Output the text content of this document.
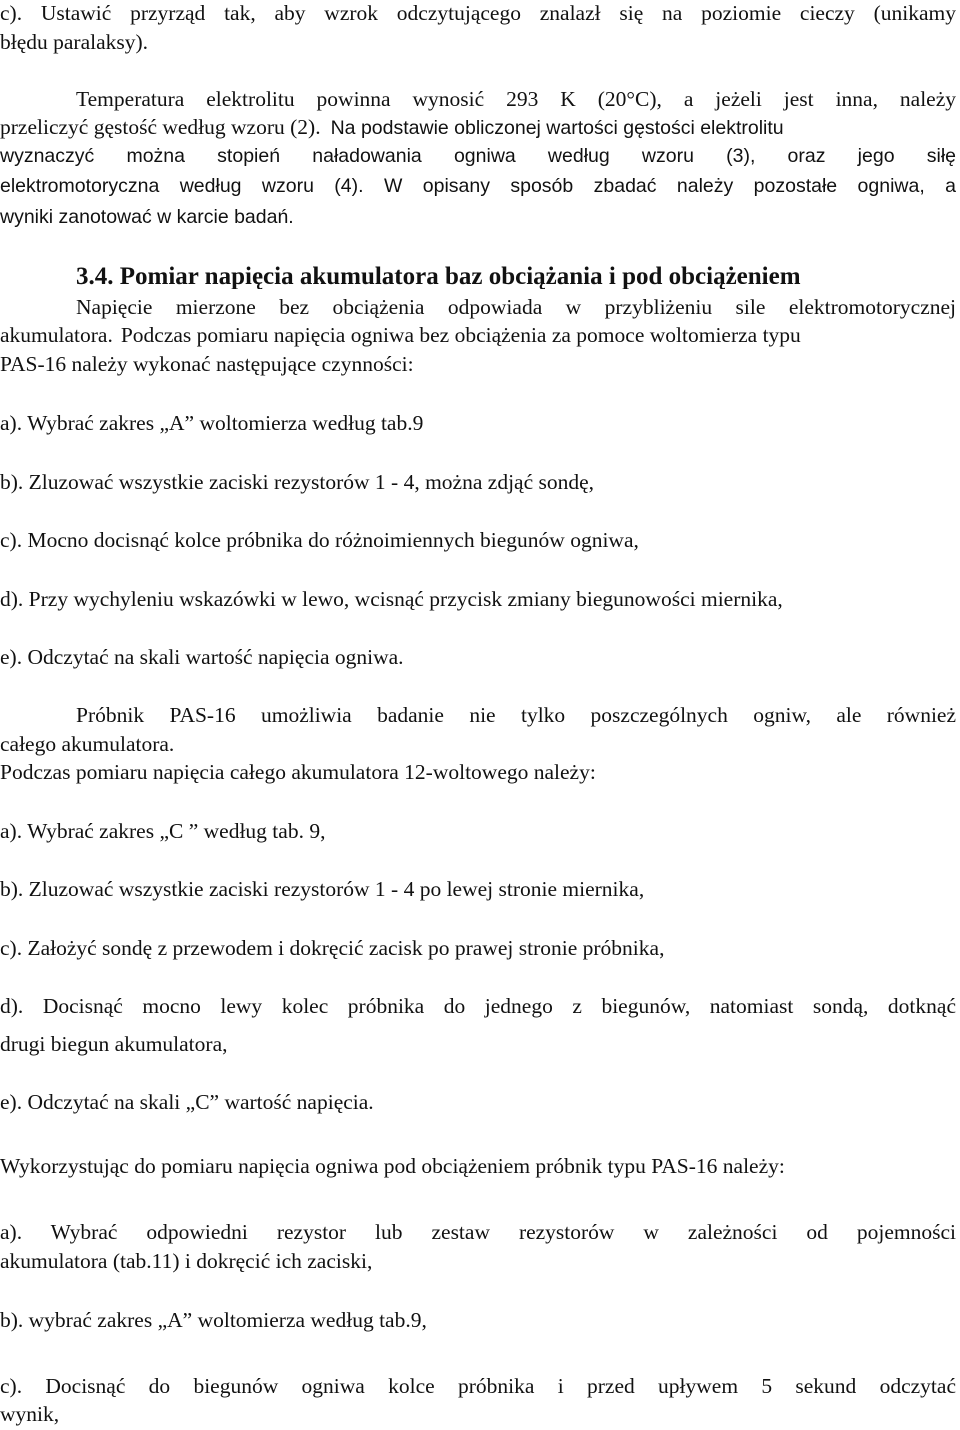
c). Ustawić przyrząd tak, aby wzrok odczytującego znalazł się na poziomie cieczy (unikamy

błędu paralaksy).

Temperatura elektrolitu powinna wynosić 293 K (20°C), a jeżeli jest inna, należy

przeliczyć gęstość według wzoru (2). Na podstawie obliczonej wartości gęstości elektrolitu

wyznaczyć można stopień naładowania ogniwa według wzoru (3), oraz jego siłę

elektromotoryczna według wzoru (4). W opisany sposób zbadać należy pozostałe ogniwa, a

wyniki zanotować w karcie badań.

3.4. Pomiar napięcia akumulatora baz obciążania i pod obciążeniem

Napięcie mierzone bez obciążenia odpowiada w przybliżeniu sile elektromotorycznej

akumulatora. Podczas pomiaru napięcia ogniwa bez obciążenia za pomoce woltomierza typu

PAS-16 należy wykonać następujące czynności:

a). Wybrać zakres „A” woltomierza według tab.9

b). Zluzować wszystkie zaciski rezystorów 1 - 4, można zdjąć sondę,

c). Mocno docisnąć kolce próbnika do różnoimiennych biegunów ogniwa,

d). Przy wychyleniu wskazówki w lewo, wcisnąć przycisk zmiany biegunowości miernika,

e). Odczytać na skali wartość napięcia ogniwa.

Próbnik PAS-16 umożliwia badanie nie tylko poszczególnych ogniw, ale również

całego akumulatora.

Podczas pomiaru napięcia całego akumulatora 12-woltowego należy:

a). Wybrać zakres „C ” według tab. 9,

b). Zluzować wszystkie zaciski rezystorów 1 - 4 po lewej stronie miernika,

c). Założyć sondę z przewodem i dokręcić zacisk po prawej stronie próbnika,

d). Docisnąć mocno lewy kolec próbnika do jednego z biegunów, natomiast sondą, dotknąć

drugi biegun akumulatora,

e). Odczytać na skali „C” wartość napięcia.

Wykorzystując do pomiaru napięcia ogniwa pod obciążeniem próbnik typu PAS-16 należy:

a). Wybrać odpowiedni rezystor lub zestaw rezystorów w zależności od pojemności

akumulatora (tab.11) i dokręcić ich zaciski,

b). wybrać zakres „A” woltomierza według tab.9,

c). Docisnąć do biegunów ogniwa kolce próbnika i przed upływem 5 sekund odczytać

wynik,
